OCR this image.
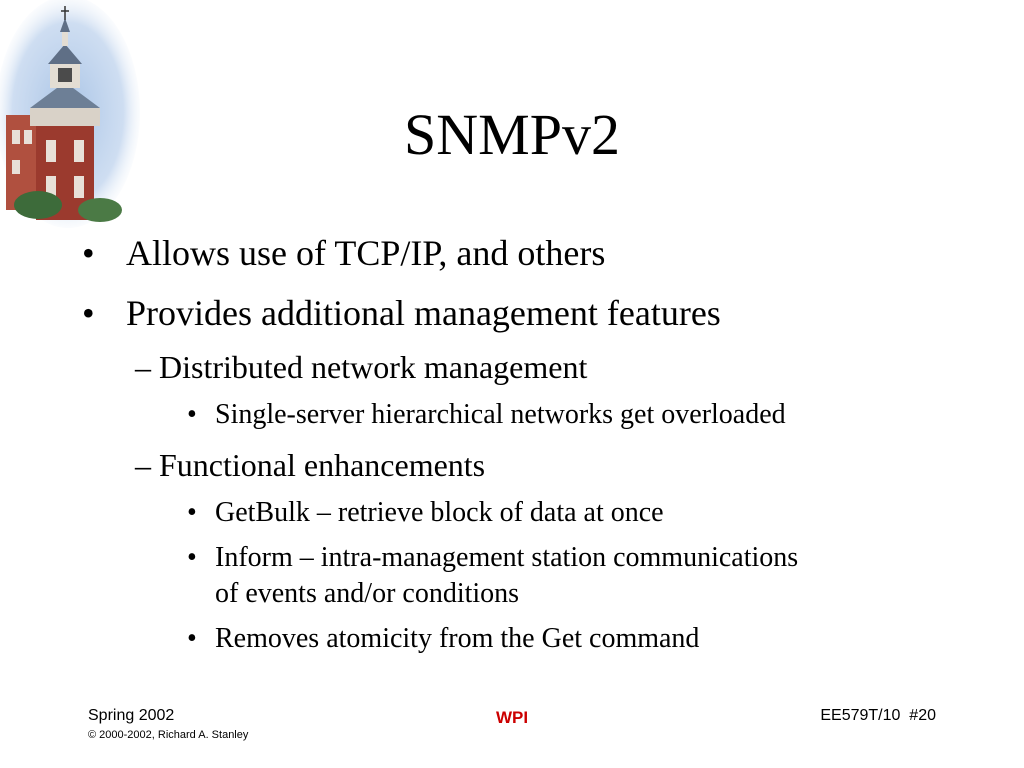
SNMPv2
• Allows use of TCP/IP, and others
• Provides additional management features
– Distributed network management
• Single-server hierarchical networks get overloaded
– Functional enhancements
• GetBulk – retrieve block of data at once
• Inform – intra-management station communications
of events and/or conditions
• Removes atomicity from the Get command
Spring 2002
© 2000-2002, Richard A. Stanley
WPI	EE579T/10  #20
